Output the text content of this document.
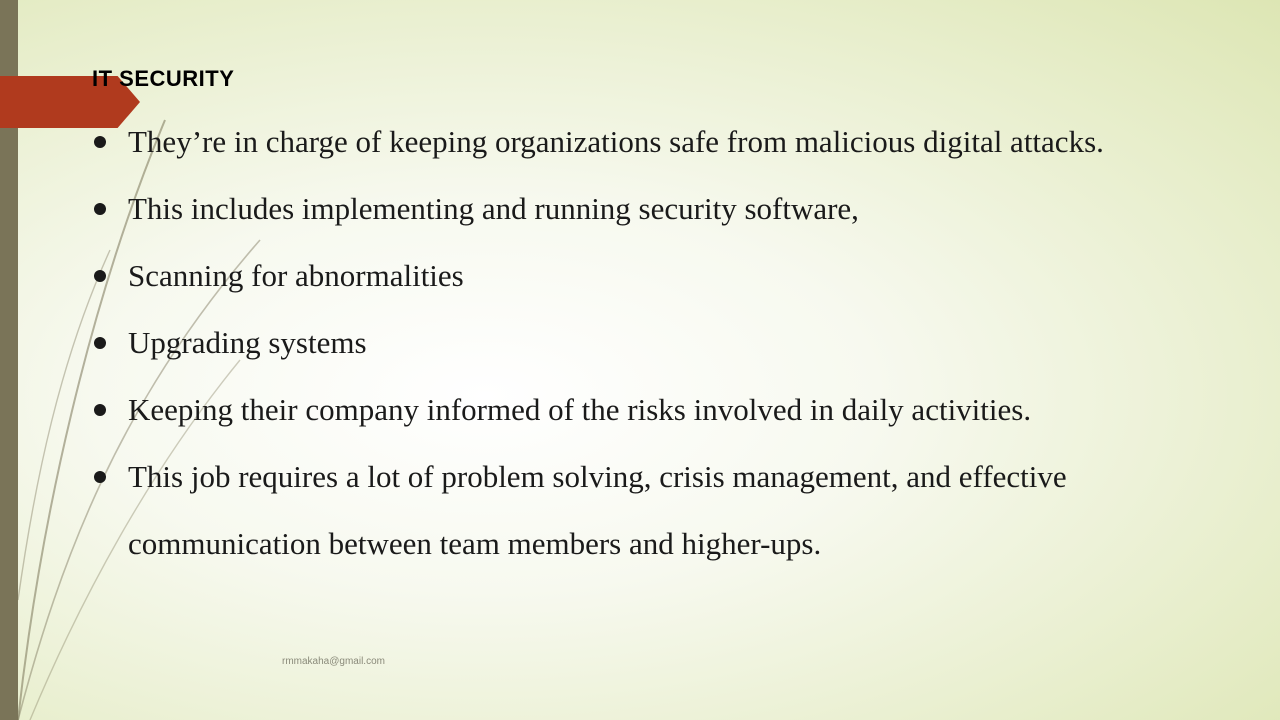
IT SECURITY
They’re in charge of keeping organizations safe from malicious digital attacks.
This includes implementing and running security software,
Scanning for abnormalities
Upgrading systems
Keeping their company informed of the risks involved in daily activities.
This job requires a lot of problem solving, crisis management, and effective communication between team members and higher-ups.
rmmakaha@gmail.com
